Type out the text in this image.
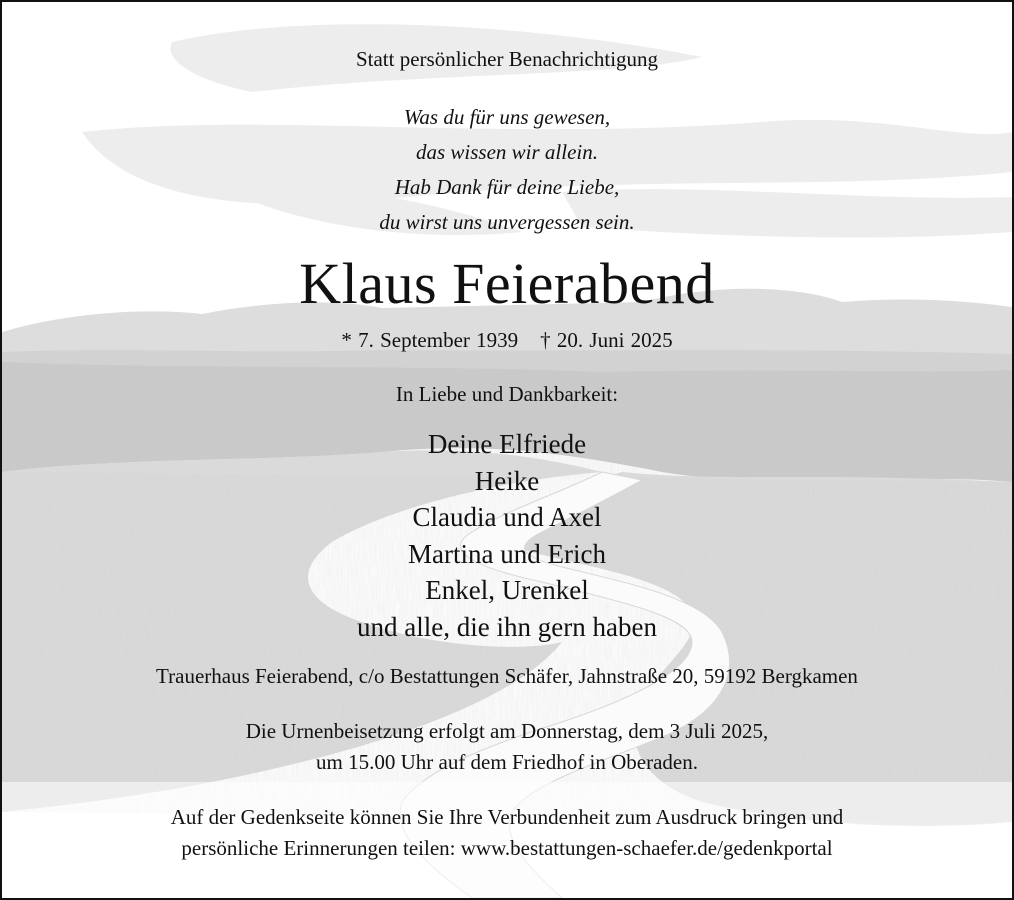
Statt persönlicher Benachrichtigung
Was du für uns gewesen,
das wissen wir allein.
Hab Dank für deine Liebe,
du wirst uns unvergessen sein.
Klaus Feierabend
* 7. September 1939 † 20. Juni 2025
In Liebe und Dankbarkeit:
Deine Elfriede
Heike
Claudia und Axel
Martina und Erich
Enkel, Urenkel
und alle, die ihn gern haben
Trauerhaus Feierabend, c/o Bestattungen Schäfer, Jahnstraße 20, 59192 Bergkamen
Die Urnenbeisetzung erfolgt am Donnerstag, dem 3 Juli 2025,
um 15.00 Uhr auf dem Friedhof in Oberaden.
Auf der Gedenkseite können Sie Ihre Verbundenheit zum Ausdruck bringen und
persönliche Erinnerungen teilen: www.bestattungen-schaefer.de/gedenkportal
